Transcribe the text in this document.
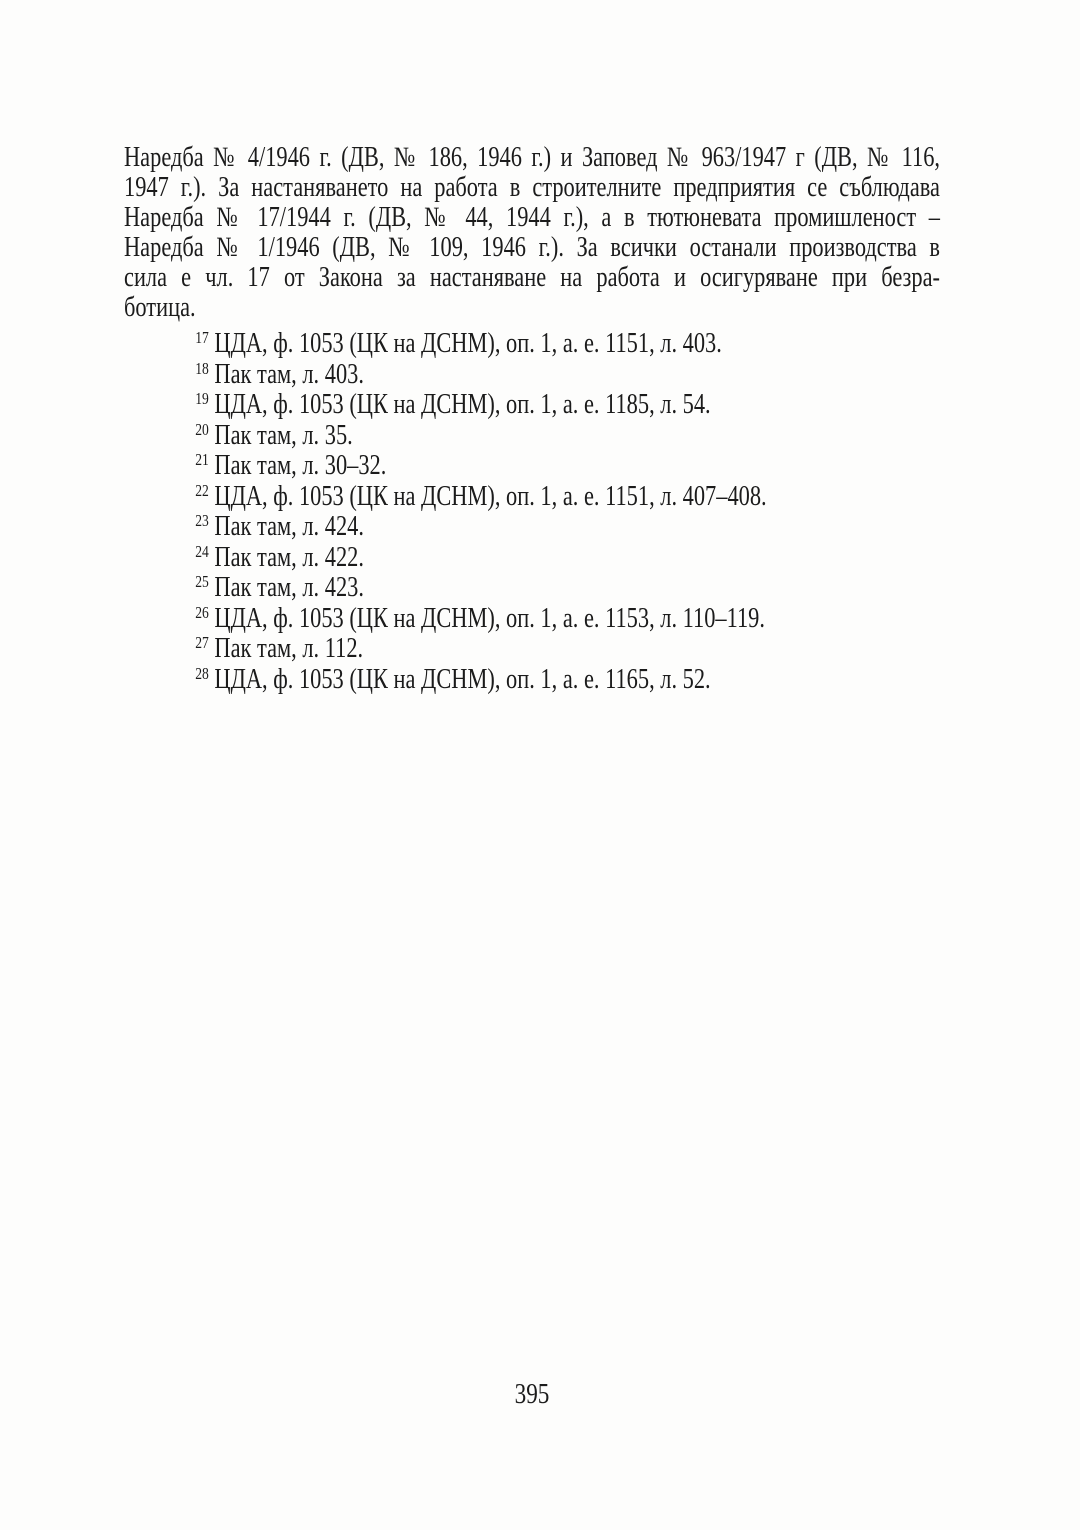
Наредба № 4/1946 г. (ДВ, № 186, 1946 г.) и Заповед № 963/1947 г (ДВ, № 116,
1947 г.). За настаняването на работа в строителните предприятия се съблюдава
Наредба № 17/1944 г. (ДВ, № 44, 1944 г.), а в тютюневата промишленост –
Наредба № 1/1946 (ДВ, № 109, 1946 г.). За всички останали производства в
сила е чл. 17 от Закона за настаняване на работа и осигуряване при безра-
ботица.
$^{17}$ ЦДА, ф. 1053 (ЦК на ДСНМ), оп. 1, а. е. 1151, л. 403.
$^{18}$ Пак там, л. 403.
$^{19}$ ЦДА, ф. 1053 (ЦК на ДСНМ), оп. 1, а. е. 1185, л. 54.
$^{20}$ Пак там, л. 35.
$^{21}$ Пак там, л. 30–32.
$^{22}$ ЦДА, ф. 1053 (ЦК на ДСНМ), оп. 1, а. е. 1151, л. 407–408.
$^{23}$ Пак там, л. 424.
$^{24}$ Пак там, л. 422.
$^{25}$ Пак там, л. 423.
$^{26}$ ЦДА, ф. 1053 (ЦК на ДСНМ), оп. 1, а. е. 1153, л. 110–119.
$^{27}$ Пак там, л. 112.
$^{28}$ ЦДА, ф. 1053 (ЦК на ДСНМ), оп. 1, а. е. 1165, л. 52.
395
